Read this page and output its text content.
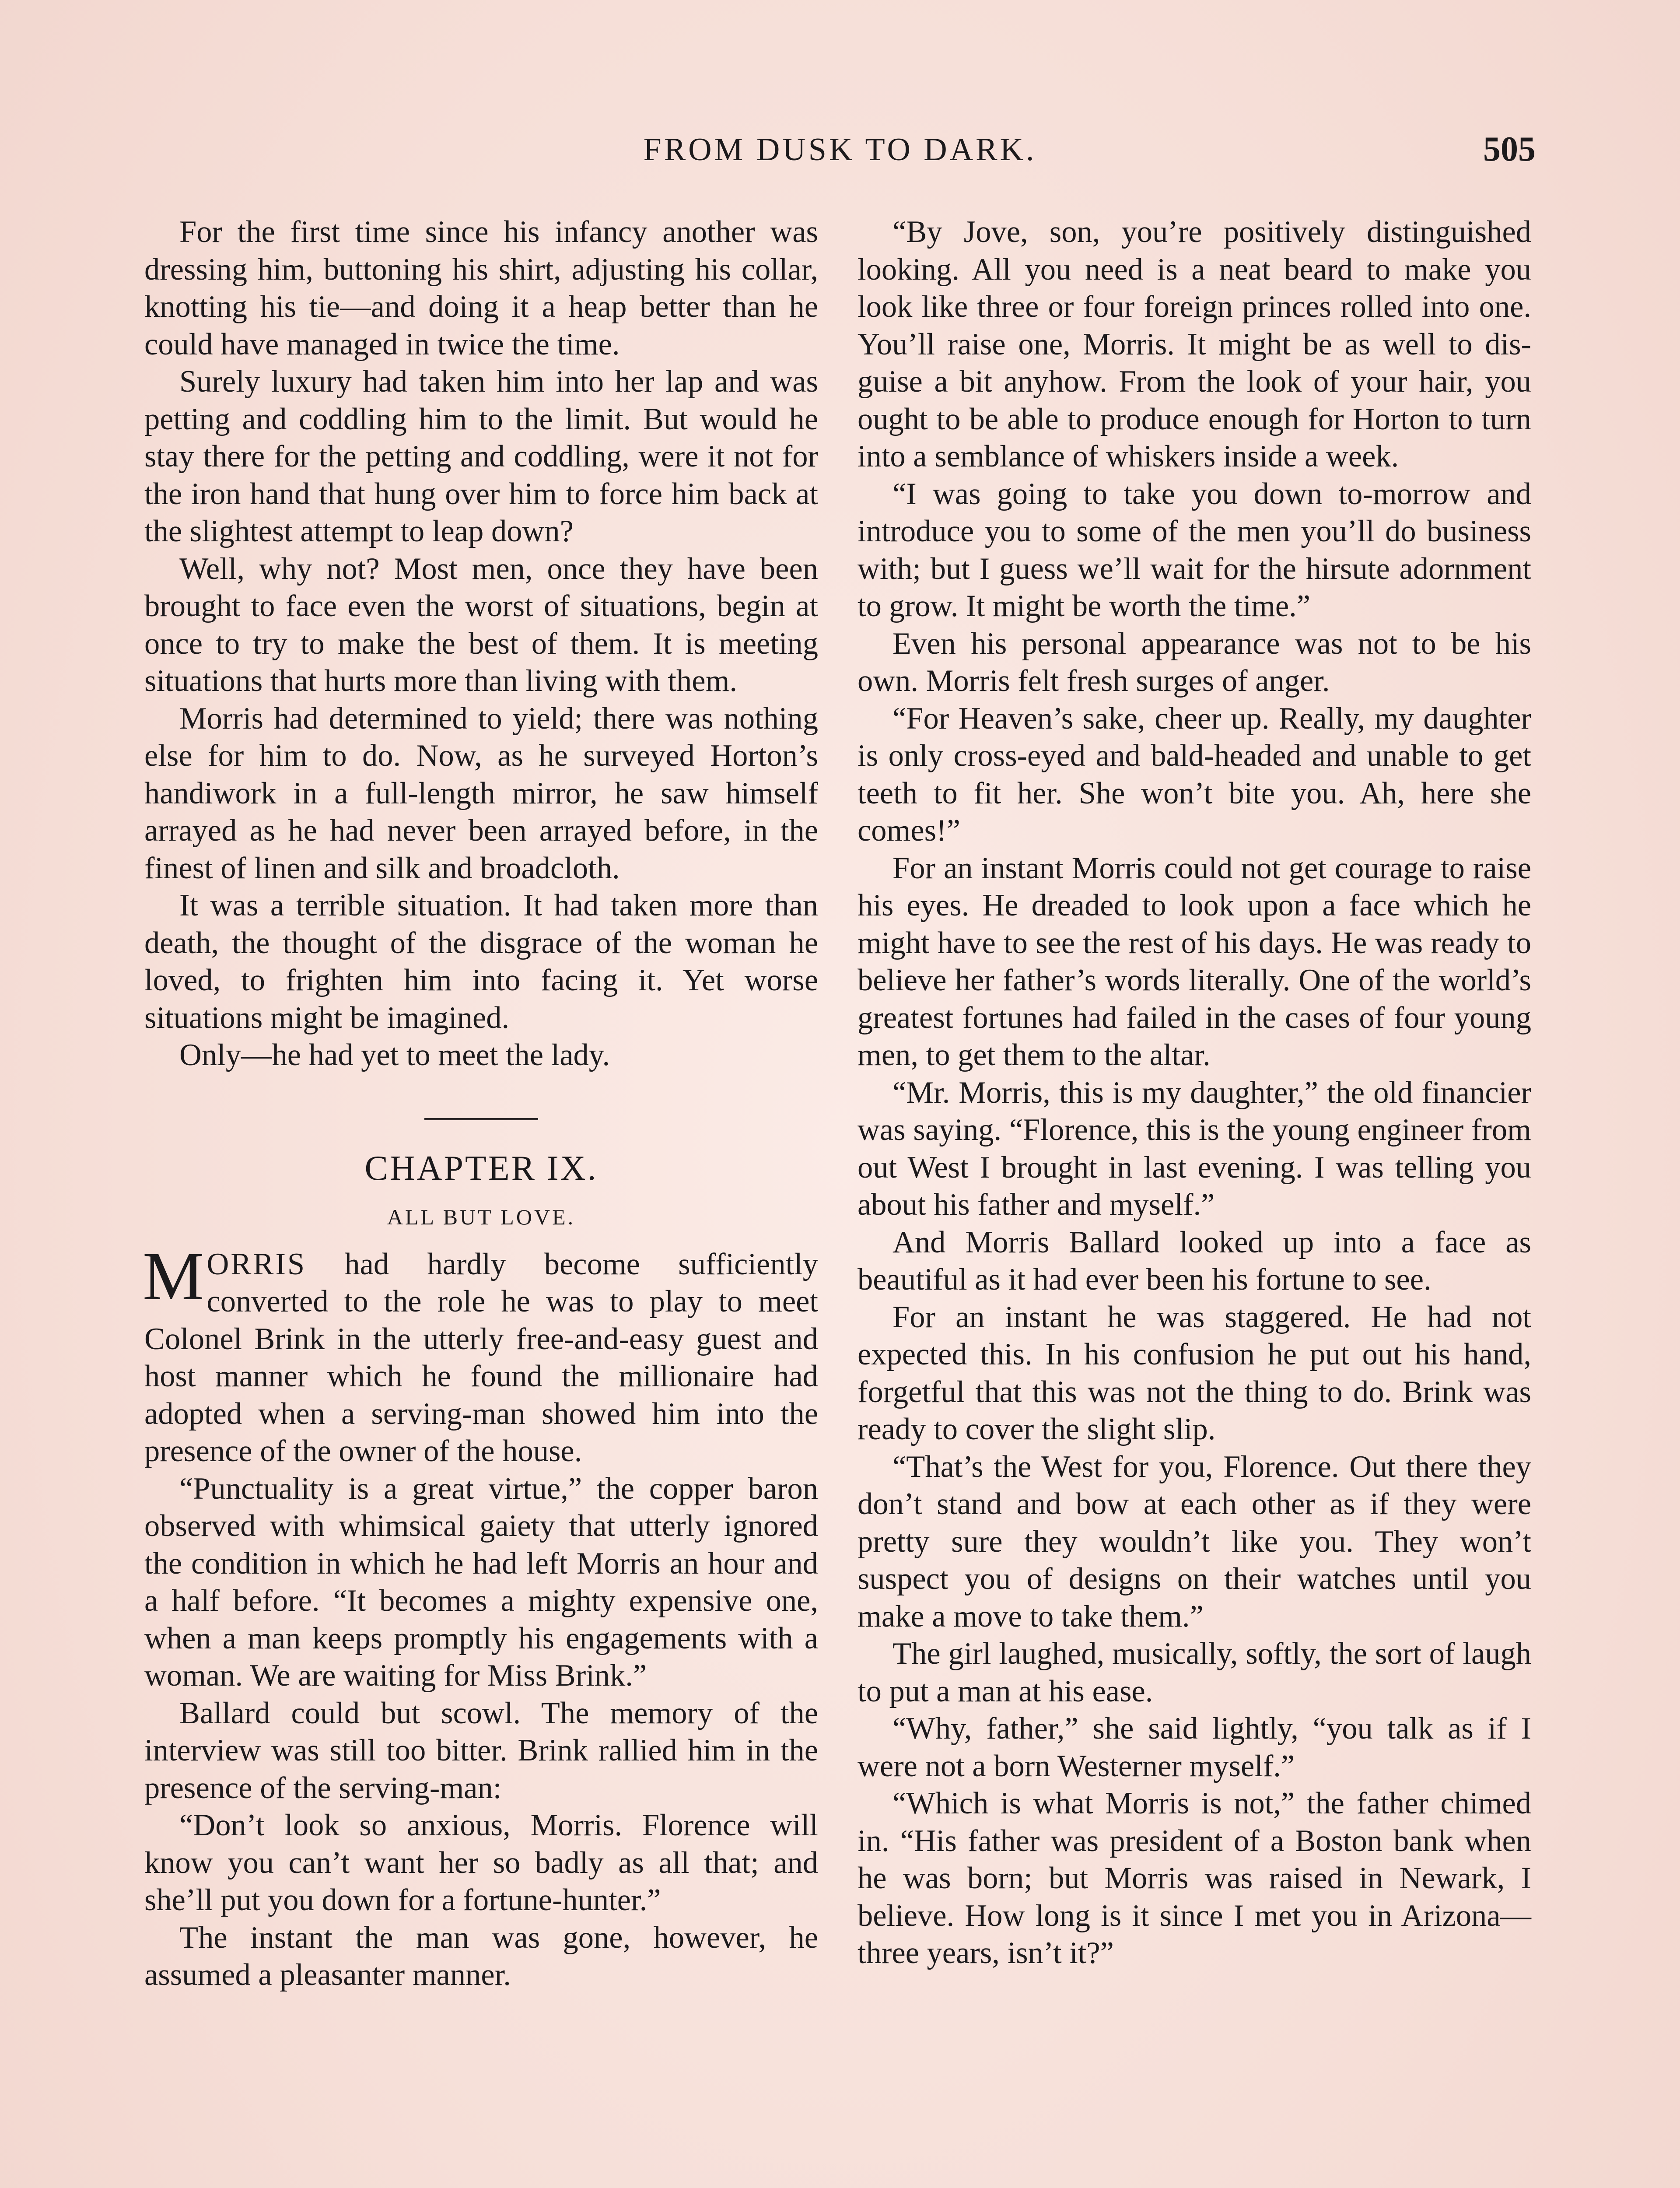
FROM DUSK TO DARK.	505

For the first time since his infancy another was dressing him, buttoning his shirt, adjusting his collar, knotting his tie—and doing it a heap better than he could have managed in twice the time.

Surely luxury had taken him into her lap and was petting and coddling him to the limit. But would he stay there for the petting and coddling, were it not for the iron hand that hung over him to force him back at the slightest attempt to leap down?

Well, why not? Most men, once they have been brought to face even the worst of situations, begin at once to try to make the best of them. It is meeting situations that hurts more than living with them.

Morris had determined to yield; there was nothing else for him to do. Now, as he surveyed Horton’s handiwork in a full-length mirror, he saw himself arrayed as he had never been arrayed before, in the finest of linen and silk and broadcloth.

It was a terrible situation. It had taken more than death, the thought of the disgrace of the woman he loved, to frighten him into facing it. Yet worse situations might be imagined.

Only—he had yet to meet the lady.

CHAPTER IX.
ALL BUT LOVE.

MORRIS had hardly become sufficiently converted to the role he was to play to meet Colonel Brink in the utterly free-and-easy guest and host manner which he found the millionaire had adopted when a serving-man showed him into the presence of the owner of the house.

“Punctuality is a great virtue,” the copper baron observed with whimsical gaiety that utterly ignored the condition in which he had left Morris an hour and a half before. “It becomes a mighty expensive one, when a man keeps promptly his engagements with a woman. We are waiting for Miss Brink.”

Ballard could but scowl. The memory of the interview was still too bitter. Brink rallied him in the presence of the serving-man:

“Don’t look so anxious, Morris. Florence will know you can’t want her so badly as all that; and she’ll put you down for a fortune-hunter.”

The instant the man was gone, however, he assumed a pleasanter manner.

“By Jove, son, you’re positively distinguished looking. All you need is a neat beard to make you look like three or four foreign princes rolled into one. You’ll raise one, Morris. It might be as well to disguise a bit anyhow. From the look of your hair, you ought to be able to produce enough for Horton to turn into a semblance of whiskers inside a week.

“I was going to take you down to-morrow and introduce you to some of the men you’ll do business with; but I guess we’ll wait for the hirsute adornment to grow. It might be worth the time.”

Even his personal appearance was not to be his own. Morris felt fresh surges of anger.

“For Heaven’s sake, cheer up. Really, my daughter is only cross-eyed and bald-headed and unable to get teeth to fit her. She won’t bite you. Ah, here she comes!”

For an instant Morris could not get courage to raise his eyes. He dreaded to look upon a face which he might have to see the rest of his days. He was ready to believe her father’s words literally. One of the world’s greatest fortunes had failed in the cases of four young men, to get them to the altar.

“Mr. Morris, this is my daughter,” the old financier was saying. “Florence, this is the young engineer from out West I brought in last evening. I was telling you about his father and myself.”

And Morris Ballard looked up into a face as beautiful as it had ever been his fortune to see.

For an instant he was staggered. He had not expected this. In his confusion he put out his hand, forgetful that this was not the thing to do. Brink was ready to cover the slight slip.

“That’s the West for you, Florence. Out there they don’t stand and bow at each other as if they were pretty sure they wouldn’t like you. They won’t suspect you of designs on their watches until you make a move to take them.”

The girl laughed, musically, softly, the sort of laugh to put a man at his ease.

“Why, father,” she said lightly, “you talk as if I were not a born Westerner myself.”

“Which is what Morris is not,” the father chimed in. “His father was president of a Boston bank when he was born; but Morris was raised in Newark, I believe. How long is it since I met you in Arizona—three years, isn’t it?”
